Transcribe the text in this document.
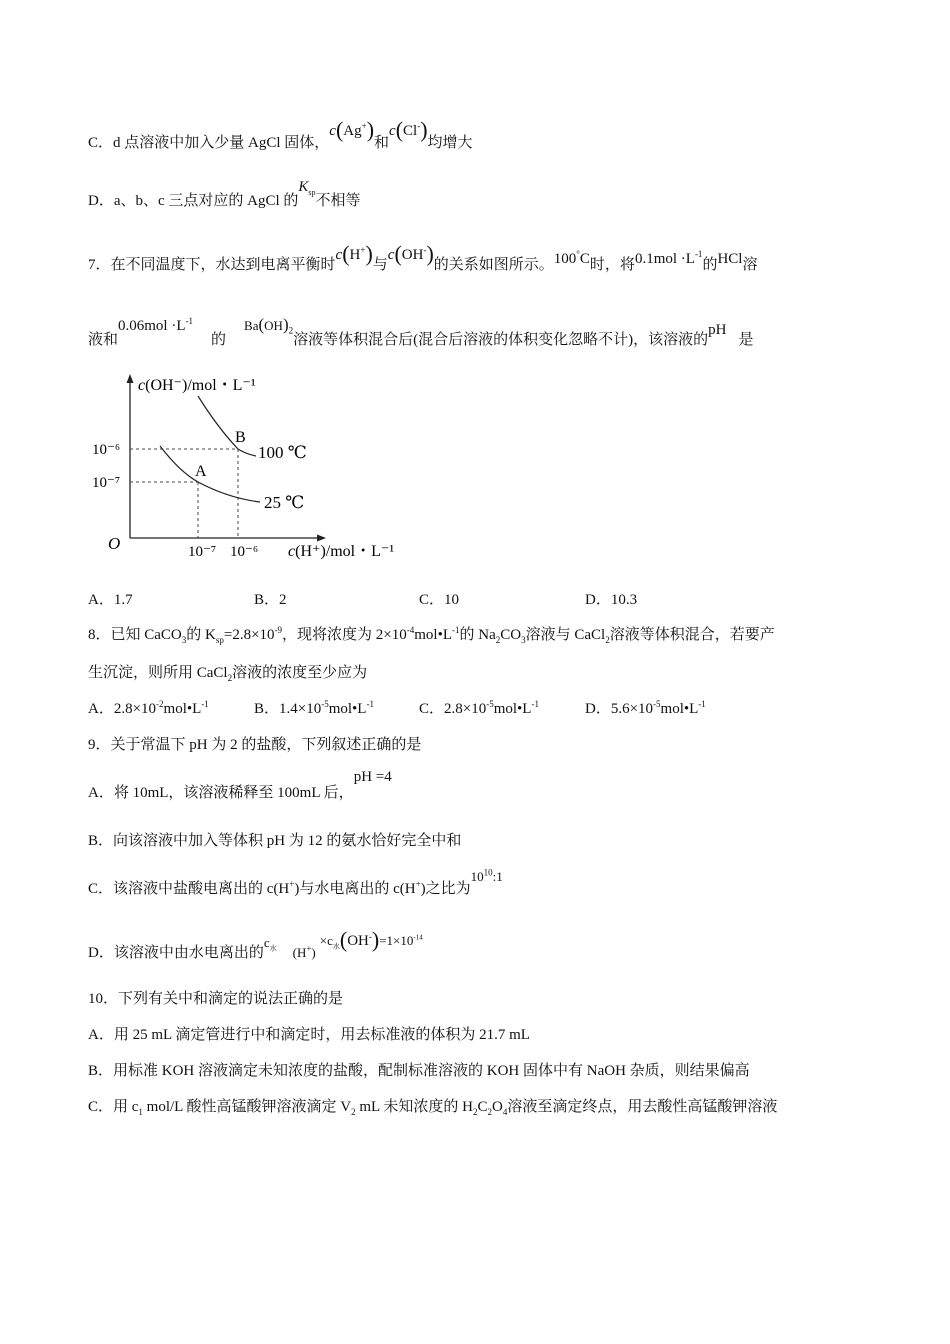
C．d 点溶液中加入少量 AgCl 固体，c(Ag+)和c(Cl-)均增大
D．a、b、c 三点对应的 AgCl 的$K_{sp}$不相等
7．在不同温度下，水达到电离平衡时c(H+)与c(OH-)的关系如图所示。100°C时，将$0.1mol \cdot L^{-1}$的HCl溶
液和$0.06mol \cdot L^{-1}$的$Ba(OH)_2$溶液等体积混合后(混合后溶液的体积变化忽略不计)，该溶液的pH是
c(OH⁻)/mol・L⁻¹
c(H⁺)/mol・L⁻¹
O
10⁻⁶
10⁻⁷
10⁻⁷ 10⁻⁶
A
B
100 ℃
25 ℃
A．1.7	B．2	C．10	D．10.3
8．已知 CaCO$_3$的 $K_{sp}=2.8\times 10^{-9}$，现将浓度为 $2\times 10^{-4}mol•L^{-1}$的 $Na_2CO_3$溶液与 CaCl$_2$溶液等体积混合，若要产
生沉淀，则所用 CaCl$_2$溶液的浓度至少应为
A．$2.8\times 10^{-2}mol•L^{-1}$	B．$1.4\times 10^{-5}mol•L^{-1}$	C．$2.8\times 10^{-5}mol•L^{-1}$	D．$5.6\times 10^{-5}mol•L^{-1}$
9．关于常温下 pH 为 2 的盐酸，下列叙述正确的是
A．将 10mL，该溶液稀释至 100mL 后，pH =4
B．向该溶液中加入等体积 pH 为 12 的氨水恰好完全中和
C．该溶液中盐酸电离出的 c(H+)与水电离出的 c(H+)之比为$10^{10}:1$
D．该溶液中由水电离出的$c_水$ $(H^+)\times c_水(OH^-)=1\times 10^{-14}$
10．下列有关中和滴定的说法正确的是
A．用 25 mL 滴定管进行中和滴定时，用去标准液的体积为 21.7 mL
B．用标准 KOH 溶液滴定未知浓度的盐酸，配制标准溶液的 KOH 固体中有 NaOH 杂质，则结果偏高
C．用 $c_1$ mol/L 酸性高锰酸钾溶液滴定 $V_2$ mL 未知浓度的 $H_2C_2O_4$溶液至滴定终点，用去酸性高锰酸钾溶液
